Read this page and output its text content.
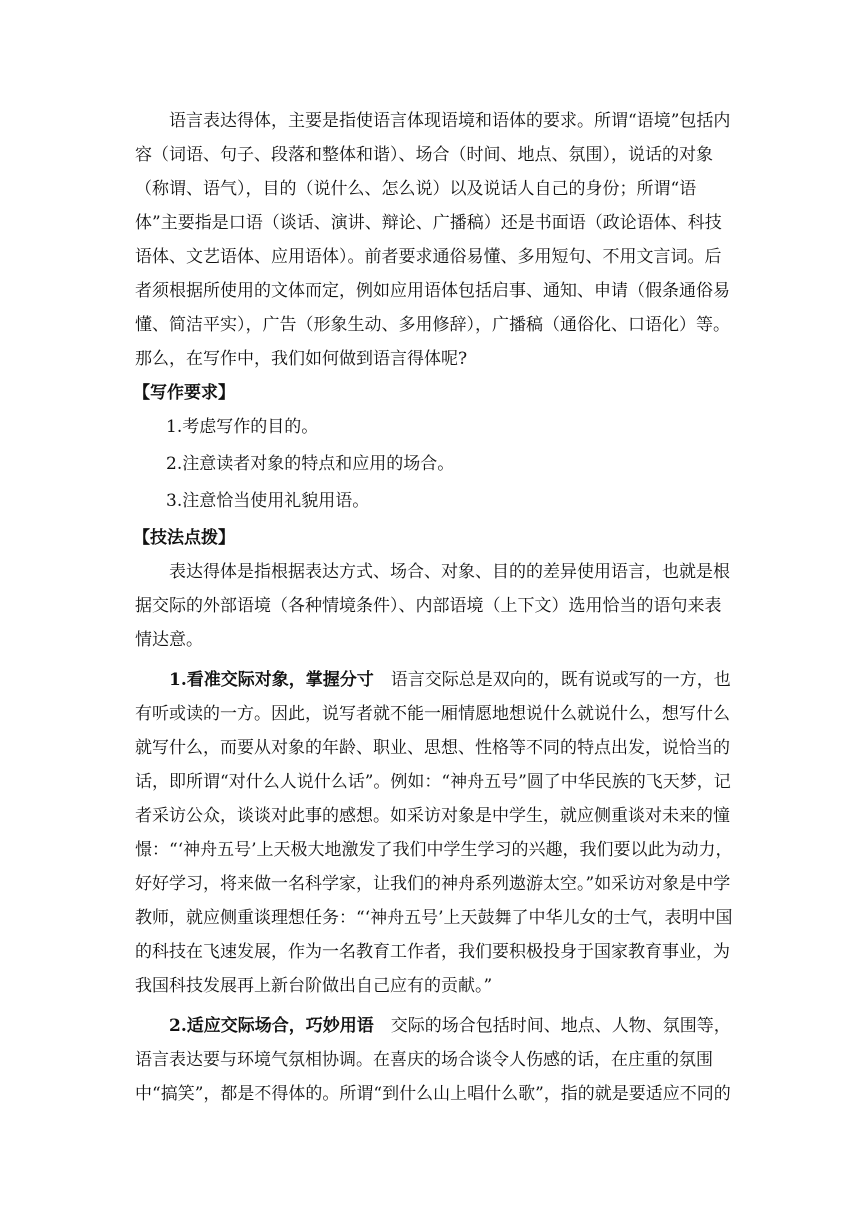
语言表达得体，主要是指使语言体现语境和语体的要求。所谓“语境”包括内容（词语、句子、段落和整体和谐）、场合（时间、地点、氛围），说话的对象（称谓、语气），目的（说什么、怎么说）以及说话人自己的身份；所谓“语体”主要指是口语（谈话、演讲、辩论、广播稿）还是书面语（政论语体、科技语体、文艺语体、应用语体）。前者要求通俗易懂、多用短句、不用文言词。后者须根据所使用的文体而定，例如应用语体包括启事、通知、申请（假条通俗易懂、简洁平实），广告（形象生动、多用修辞），广播稿（通俗化、口语化）等。那么，在写作中，我们如何做到语言得体呢?

【写作要求】

1.考虑写作的目的。
2.注意读者对象的特点和应用的场合。
3.注意恰当使用礼貌用语。

【技法点拨】

表达得体是指根据表达方式、场合、对象、目的的差异使用语言，也就是根据交际的外部语境（各种情境条件）、内部语境（上下文）选用恰当的语句来表情达意。

1.看准交际对象，掌握分寸　语言交际总是双向的，既有说或写的一方，也有听或读的一方。因此，说写者就不能一厢情愿地想说什么就说什么，想写什么就写什么，而要从对象的年龄、职业、思想、性格等不同的特点出发，说恰当的话，即所谓“对什么人说什么话”。例如：“神舟五号”圆了中华民族的飞天梦，记者采访公众，谈谈对此事的感想。如采访对象是中学生，就应侧重谈对未来的憧憬：“‘神舟五号’上天极大地激发了我们中学生学习的兴趣，我们要以此为动力，好好学习，将来做一名科学家，让我们的神舟系列遨游太空。”如采访对象是中学教师，就应侧重谈理想任务：“‘神舟五号’上天鼓舞了中华儿女的士气，表明中国的科技在飞速发展，作为一名教育工作者，我们要积极投身于国家教育事业，为我国科技发展再上新台阶做出自己应有的贡献。”

2.适应交际场合，巧妙用语　交际的场合包括时间、地点、人物、氛围等，语言表达要与环境气氛相协调。在喜庆的场合谈令人伤感的话，在庄重的氛围中“搞笑”，都是不得体的。所谓“到什么山上唱什么歌”，指的就是要适应不同的
